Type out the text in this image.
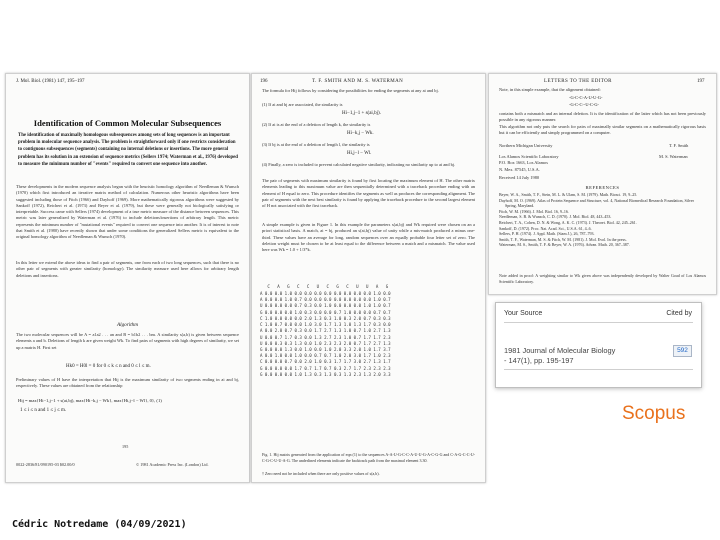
J. Mol. Biol. (1981) 147, 195–197
Identification of Common Molecular Subsequences
The identification of maximally homologous subsequences among sets of long sequences is an important problem in molecular sequence analysis. The problem is straightforward only if one restricts consideration to contiguous subsequences (segments) containing no internal deletions or insertions. The more general problem has its solution in an extension of sequence metrics (Sellers 1974; Waterman et al., 1976) developed to measure the minimum number of "events" required to convert one sequence into another.
These developments in the modern sequence analysis began with the heuristic homology algorithm of Needleman & Wunsch (1970) which first introduced an iterative matrix method of calculation. Numerous other heuristic algorithms have been suggested including those of Fitch (1966) and Dayhoff (1969). More mathematically rigorous algorithms were suggested by Sankoff (1972), Reichert et al. (1973) and Beyer et al. (1979), but these were generally not biologically satisfying or interpretable. Success came with Sellers (1974) development of a true metric measure of the distance between sequences. This metric was later generalized by Waterman et al. (1976) to include deletions/insertions of arbitrary length. This metric represents the minimum number of "mutational events" required to convert one sequence into another. It is of interest to note that Smith et al. (1980) have recently shown that under some conditions the generalized Sellers metric is equivalent to the original homology algorithm of Needleman & Wunsch (1970).
In this letter we extend the above ideas to find a pair of segments, one from each of two long sequences, such that there is no other pair of segments with greater similarity (homology). The similarity measure used here allows for arbitrary length deletions and insertions.
Algorithm
The two molecular sequences will be A = a1a2 . . . an and B = b1b2 . . . bm. A similarity s(a,b) is given between sequence elements a and b. Deletions of length k are given weight Wk. To find pairs of segments with high degrees of similarity, we set up a matrix H. First set
Hk0 = H0l = 0 for 0 ≤ k ≤ n and 0 ≤ l ≤ m.
Preliminary values of H have the interpretation that Hij is the maximum similarity of two segments ending in ai and bj, respectively. These values are obtained from the relationship
Hij = max{Hi−1,j−1 + s(ai,bj), max{Hi−k,j − Wk}, max{Hi,j−l − Wl}, 0}, (1)
1 ≤ i ≤ n and 1 ≤ j ≤ m.
195
0022-2836/81/090195-03 $02.00/0	© 1981 Academic Press Inc. (London) Ltd.
196	T. F. SMITH AND M. S. WATERMAN
The formula for Hij follows by considering the possibilities for ending the segments at any ai and bj.
(1) If ai and bj are associated, the similarity is
Hi−1,j−1 + s(ai,bj).
(2) If ai is at the end of a deletion of length k, the similarity is
Hi−k,j − Wk.
(3) If bj is at the end of a deletion of length l, the similarity is
Hi,j−l − Wl.
(4) Finally, a zero is included to prevent calculated negative similarity, indicating no similarity up to ai and bj.
The pair of segments with maximum similarity is found by first locating the maximum element of H. The other matrix elements leading to this maximum value are then sequentially determined with a traceback procedure ending with an element of H equal to zero. This procedure identifies the segments as well as produces the corresponding alignment. The pair of segments with the next best similarity is found by applying the traceback procedure to the second largest element of H not associated with the first traceback.
A simple example is given in Figure 1. In this example the parameters s(ai,bj) and Wk required were chosen on an a priori statistical basis. A match, ai = bj, produced an s(ai,bj) value of unity while a mis-match produced a minus one-third. These values have an average for long, random sequences over an equally probable four letter set of zero. The deletion weight must be chosen to be at least equal to the difference between a match and a mismatch. The value used here was Wk = 1.0 + 1/3*k.
C   A   G   C   C   U   C   G   C   U   U   A   G
A 0.0 0.0 1.0 0.0 0.0 0.0 0.0 0.0 0.0 0.0 0.0 1.0 0.0
A 0.0 0.0 1.0 0.7 0.0 0.0 0.0 0.0 0.0 0.0 0.0 1.0 0.7
U 0.0 0.0 0.0 0.7 0.3 0.0 1.0 0.0 0.0 0.0 1.0 1.0 0.7
G 0.0 0.0 0.0 1.0 0.3 0.0 0.0 0.7 1.0 0.0 0.0 0.7 0.7
C 1.0 0.0 0.0 0.0 2.0 1.3 0.3 1.0 0.3 2.0 0.7 0.3 0.3
C 1.0 0.7 0.0 0.0 1.0 3.0 1.7 1.3 1.0 1.3 1.7 0.3 0.0
A 0.0 2.0 0.7 0.3 0.0 1.7 2.7 1.3 1.0 0.7 1.0 2.7 1.3
U 0.0 0.7 1.7 0.3 0.0 1.3 2.7 2.3 1.0 0.7 1.7 1.7 2.3
U 0.0 0.3 0.3 1.3 0.0 1.0 2.3 2.3 2.0 0.7 1.7 2.7 1.3
G 0.0 0.0 1.3 0.0 1.0 0.0 1.0 2.0 3.3 2.0 1.0 1.7 3.7
A 0.0 1.0 0.0 1.0 0.0 0.7 0.7 1.0 2.0 3.0 1.7 1.0 2.3
C 0.0 0.0 0.7 0.0 2.0 1.0 0.3 1.7 1.7 3.0 2.7 1.3 1.7
G 0.0 0.0 0.0 1.7 0.7 1.7 0.7 0.3 2.7 1.7 2.3 2.3 2.3
G 0.0 0.0 0.0 1.0 1.3 0.3 1.3 0.3 1.3 2.3 1.3 2.0 3.3
Fig. 1. Hij matrix generated from the application of eqn (1) to the sequences A-A-U-G-C-C-A-U-U-G-A-C-G-G and C-A-G-C-C-U-C-G-C-U-U-A-G. The underlined elements indicate the backtrack path from the maximal element 3.30.
† Zero need not be included when there are only positive values of s(a,b).
LETTERS TO THE EDITOR	197
Note, in this simple example, that the alignment obtained:
-G-C-C-A-U-U-G-
-G-C-C--U-C-G-
contains both a mismatch and an internal deletion. It is the identification of the latter which has not been previously possible in any rigorous manner.
This algorithm not only puts the search for pairs of maximally similar segments on a mathematically rigorous basis but it can be efficiently and simply programmed on a computer.
Northern Michigan University	T. F. Smith
Los Alamos Scientific Laboratory
P.O. Box 1663, Los Alamos
N. Mex. 87545, U.S.A.
M. S. Waterman
Received 14 July 1980
REFERENCES
Beyer, W. A., Smith, T. F., Stein, M. L. & Ulam, S. M. (1979). Math. Biosci. 19, 9–25.
Dayhoff, M. O. (1969). Atlas of Protein Sequence and Structure, vol. 4, National Biomedical Research Foundation, Silver Spring, Maryland.
Fitch, W. M. (1966). J. Mol. Biol. 16, 9–16.
Needleman, S. B. & Wunsch, C. D. (1970). J. Mol. Biol. 48, 443–453.
Reichert, T. A., Cohen, D. N. & Wong, A. K. C. (1973). J. Theoret. Biol. 42, 245–261.
Sankoff, D. (1972). Proc. Nat. Acad. Sci., U.S.A. 61, 4–6.
Sellers, P. H. (1974). J. Appl. Math. (Siam J.), 26, 787–793.
Smith, T. F., Waterman, M. S. & Fitch, W. M. (1981). J. Mol. Evol. In the press.
Waterman, M. S., Smith, T. F. & Beyer, W. A. (1976). Advan. Math. 20, 367–387.
Note added in proof: A weighting similar to Wk given above was independently developed by Walter Goad of Los Alamos Scientific Laboratory.
Your Source	Cited by
1981 Journal of Molecular Biology
- 147(1), pp. 195-197
592
Scopus
Cédric Notredame (04/09/2021)
